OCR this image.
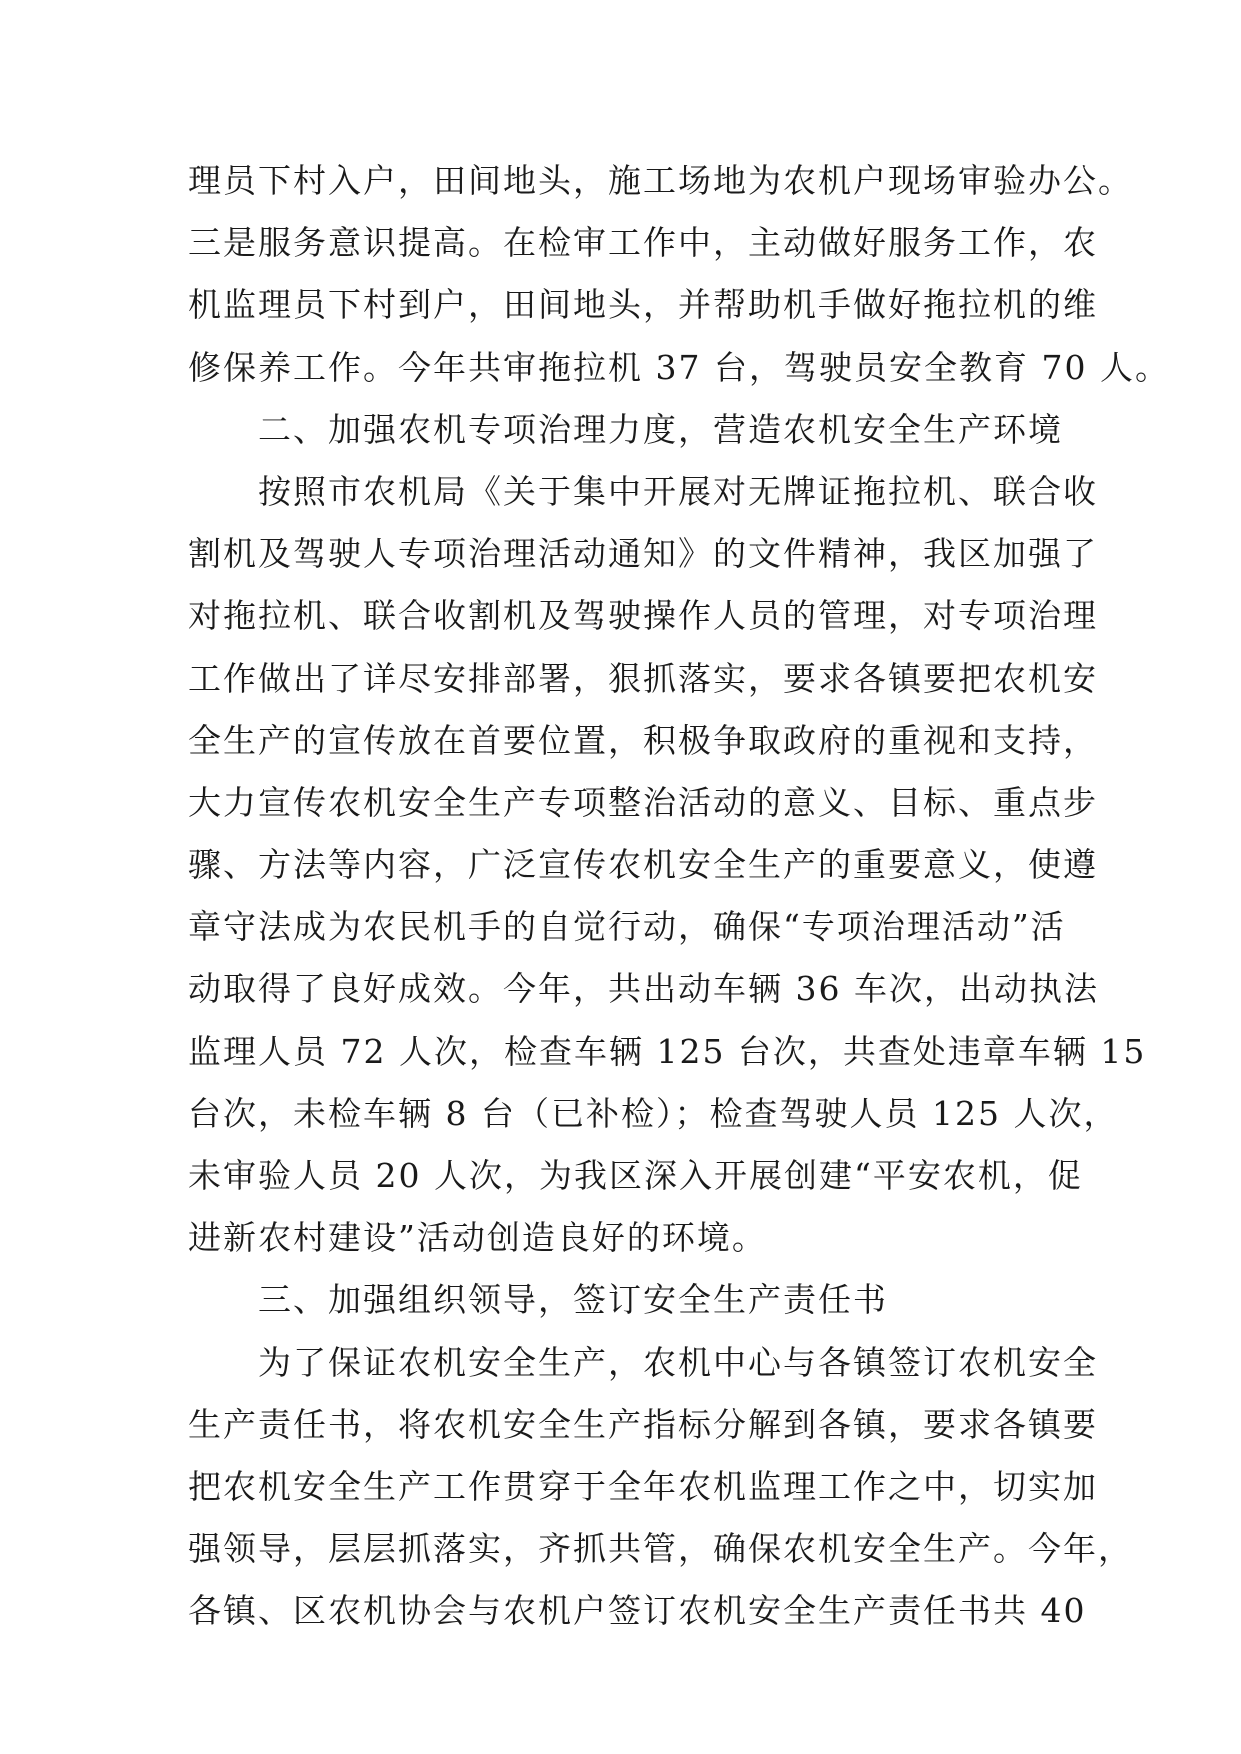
理员下村入户，田间地头，施工场地为农机户现场审验办公。
三是服务意识提高。在检审工作中，主动做好服务工作，农
机监理员下村到户，田间地头，并帮助机手做好拖拉机的维
修保养工作。今年共审拖拉机 37 台，驾驶员安全教育 70 人。
二、加强农机专项治理力度，营造农机安全生产环境
按照市农机局《关于集中开展对无牌证拖拉机、联合收
割机及驾驶人专项治理活动通知》的文件精神，我区加强了
对拖拉机、联合收割机及驾驶操作人员的管理，对专项治理
工作做出了详尽安排部署，狠抓落实，要求各镇要把农机安
全生产的宣传放在首要位置，积极争取政府的重视和支持，
大力宣传农机安全生产专项整治活动的意义、目标、重点步
骤、方法等内容，广泛宣传农机安全生产的重要意义，使遵
章守法成为农民机手的自觉行动，确保“专项治理活动”活
动取得了良好成效。今年，共出动车辆 36 车次，出动执法
监理人员 72 人次，检查车辆 125 台次，共查处违章车辆 15
台次，未检车辆 8 台（已补检）；检查驾驶人员 125 人次，
未审验人员 20 人次，为我区深入开展创建“平安农机，促
进新农村建设”活动创造良好的环境。
三、加强组织领导，签订安全生产责任书
为了保证农机安全生产，农机中心与各镇签订农机安全
生产责任书，将农机安全生产指标分解到各镇，要求各镇要
把农机安全生产工作贯穿于全年农机监理工作之中，切实加
强领导，层层抓落实，齐抓共管，确保农机安全生产。今年，
各镇、区农机协会与农机户签订农机安全生产责任书共 40
